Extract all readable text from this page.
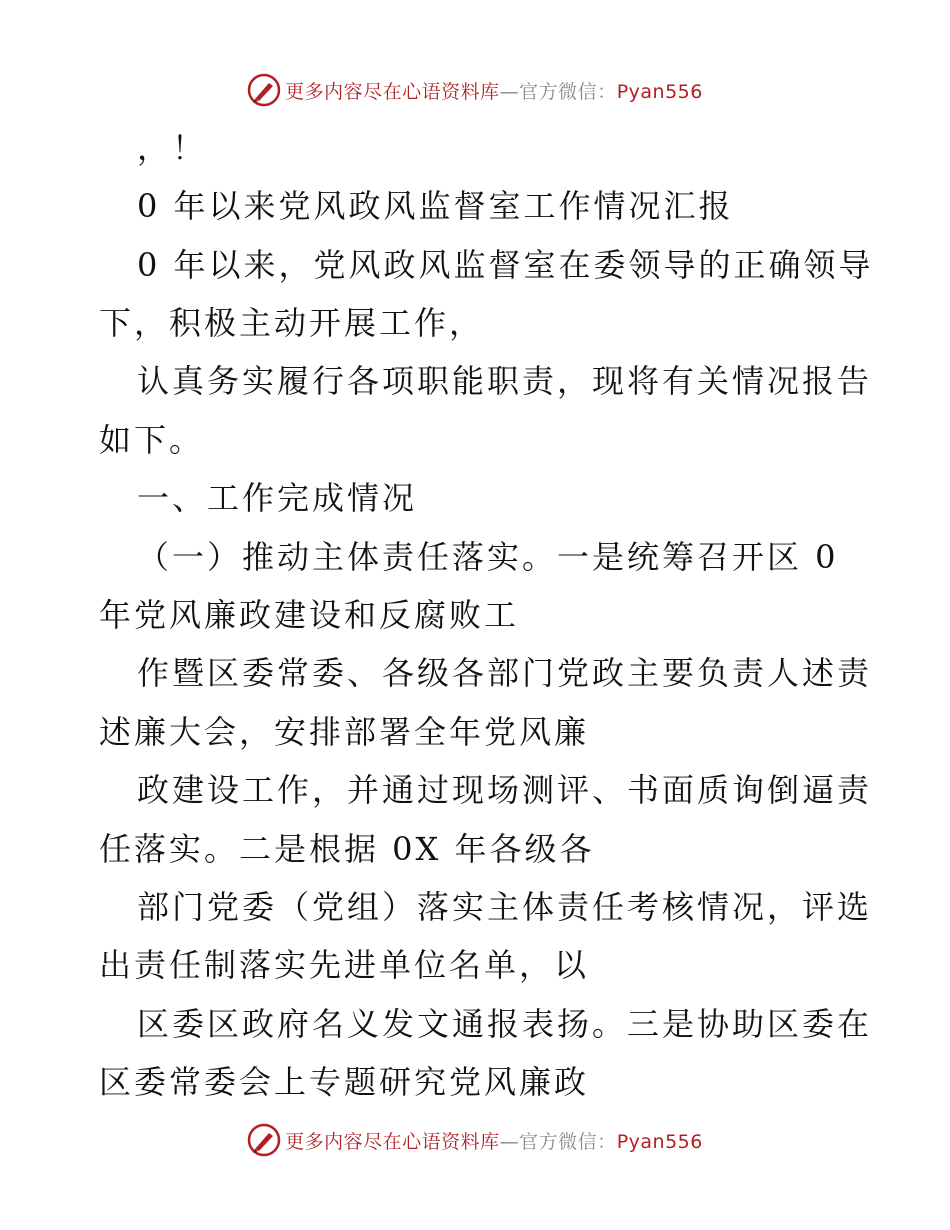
更多内容尽在心语资料库—官方微信：Pyan556
，！
0 年以来党风政风监督室工作情况汇报
0 年以来，党风政风监督室在委领导的正确领导
下，积极主动开展工作，
认真务实履行各项职能职责，现将有关情况报告
如下。
一、工作完成情况
（一）推动主体责任落实。一是统筹召开区 0
年党风廉政建设和反腐败工
作暨区委常委、各级各部门党政主要负责人述责
述廉大会，安排部署全年党风廉
政建设工作，并通过现场测评、书面质询倒逼责
任落实。二是根据 0X 年各级各
部门党委（党组）落实主体责任考核情况，评选
出责任制落实先进单位名单，以
区委区政府名义发文通报表扬。三是协助区委在
区委常委会上专题研究党风廉政
更多内容尽在心语资料库—官方微信：Pyan556
